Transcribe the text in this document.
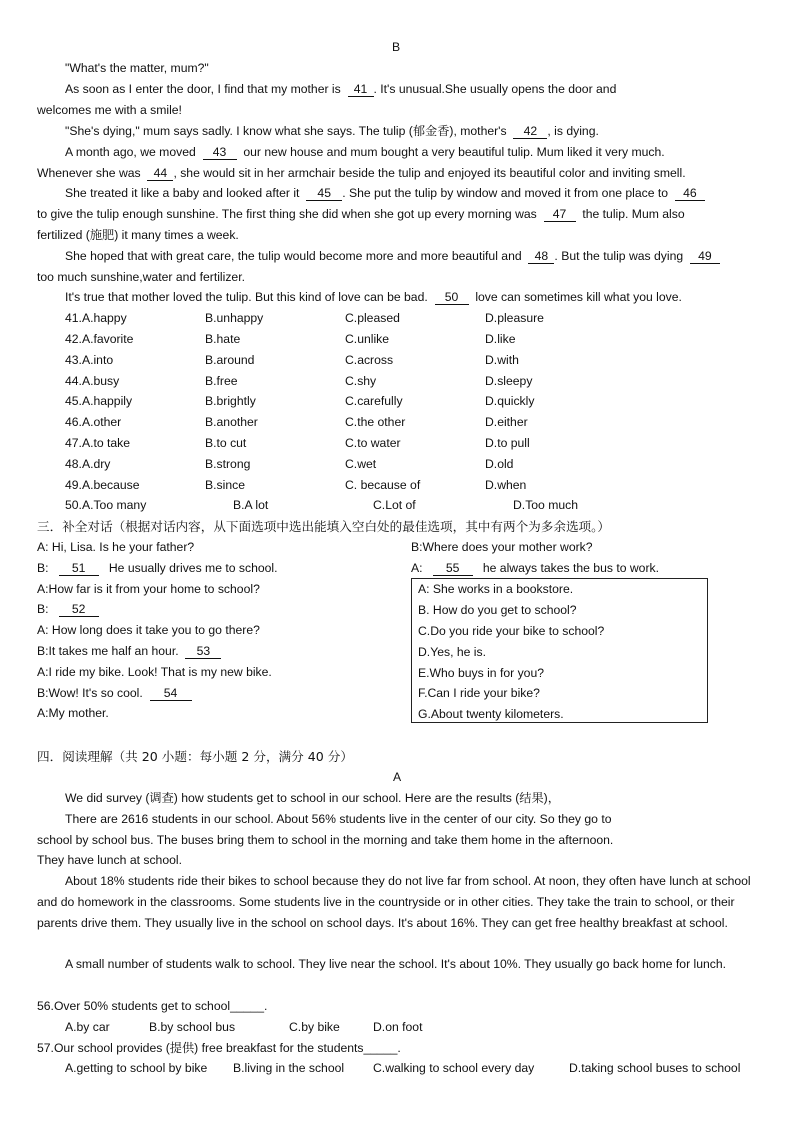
B
"What's the matter, mum?"
As soon as I enter the door, I find that my mother is 41 . It's unusual.She usually opens the door and
welcomes me with a smile!
"She's dying," mum says sadly. I know what she says. The tulip (郁金香), mother's 42 , is dying.
A month ago, we moved 43 our new house and mum bought a very beautiful tulip. Mum liked it very much.
Whenever she was 44 , she would sit in her armchair beside the tulip and enjoyed its beautiful color and inviting smell.
She treated it like a baby and looked after it 45 . She put the tulip by window and moved it from one place to 46
to give the tulip enough sunshine. The first thing she did when she got up every morning was 47 the tulip. Mum also
fertilized (施肥) it many times a week.
She hoped that with great care, the tulip would become more and more beautiful and 48 . But the tulip was dying 49
too much sunshine,water and fertilizer.
It's true that mother loved the tulip. But this kind of love can be bad. 50 love can sometimes kill what you love.
41.A.happy	B.unhappy	C.pleased	D.pleasure
42.A.favorite	B.hate	C.unlike	D.like
43.A.into	B.around	C.across	D.with
44.A.busy	B.free	C.shy	D.sleepy
45.A.happily	B.brightly	C.carefully	D.quickly
46.A.other	B.another	C.the other	D.either
47.A.to take	B.to cut	C.to water	D.to pull
48.A.dry	B.strong	C.wet	D.old
49.A.because	B.since	C. because of	D.when
50.A.Too many	B.A lot	C.Lot of	D.Too much
三．补全对话（根据对话内容，从下面选项中选出能填入空白处的最佳选项，其中有两个为多余选项。）
A: Hi, Lisa. Is he your father?
B: 51 He usually drives me to school.
A:How far is it from your home to school?
B: 52
A: How long does it take you to go there?
B:It takes me half an hour. 53
A:I ride my bike. Look! That is my new bike.
B:Wow! It's so cool. 54
A:My mother.
B:Where does your mother work?
A: 55 he always takes the bus to work.
A: She works in a bookstore.
B. How do you get to school?
C.Do you ride your bike to school?
D.Yes, he is.
E.Who buys in for you?
F.Can I ride your bike?
G.About twenty kilometers.
四．阅读理解（共 20 小题：每小题 2 分，满分 40 分）
A
We did survey (调查) how students get to school in our school. Here are the results (结果)，
There are 2616 students in our school. About 56% students live in the center of our city. So they go to
school by school bus. The buses bring them to school in the morning and take them home in the afternoon.
They have lunch at school.
About 18% students ride their bikes to school because they do not live far from school. At noon, they often have lunch at school and do homework in the classrooms. Some students live in the countryside or in other cities. They take the train to school, or their parents drive them. They usually live in the school on school days. It's about 16%. They can get free healthy breakfast at school.
A small number of students walk to school. They live near the school. It's about 10%. They usually go back home for lunch.
56.Over 50% students get to school_____.
A.by car	B.by school bus	C.by bike	D.on foot
57.Our school provides (提供) free breakfast for the students_____.
A.getting to school by bike B.living in the school C.walking to school every day	D.taking school buses to school
